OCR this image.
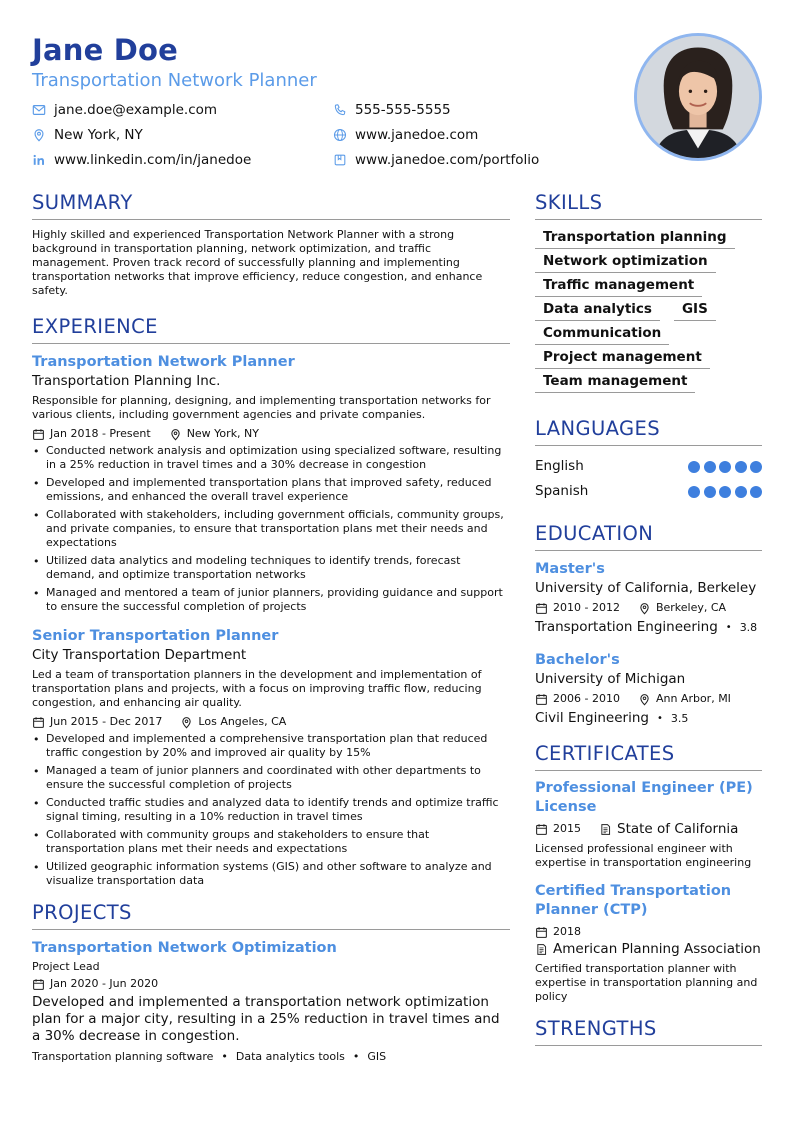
Jane Doe
Transportation Network Planner
jane.doe@example.com	555-555-5555
New York, NY	www.janedoe.com
www.linkedin.com/in/janedoe	www.janedoe.com/portfolio
SUMMARY
Highly skilled and experienced Transportation Network Planner with a strong background in transportation planning, network optimization, and traffic management. Proven track record of successfully planning and implementing transportation networks that improve efficiency, reduce congestion, and enhance safety.
EXPERIENCE
Transportation Network Planner
Transportation Planning Inc.
Responsible for planning, designing, and implementing transportation networks for various clients, including government agencies and private companies.
Jan 2018 - Present	New York, NY
• Conducted network analysis and optimization using specialized software, resulting in a 25% reduction in travel times and a 30% decrease in congestion
• Developed and implemented transportation plans that improved safety, reduced emissions, and enhanced the overall travel experience
• Collaborated with stakeholders, including government officials, community groups, and private companies, to ensure that transportation plans met their needs and expectations
• Utilized data analytics and modeling techniques to identify trends, forecast demand, and optimize transportation networks
• Managed and mentored a team of junior planners, providing guidance and support to ensure the successful completion of projects
Senior Transportation Planner
City Transportation Department
Led a team of transportation planners in the development and implementation of transportation plans and projects, with a focus on improving traffic flow, reducing congestion, and enhancing air quality.
Jun 2015 - Dec 2017	Los Angeles, CA
• Developed and implemented a comprehensive transportation plan that reduced traffic congestion by 20% and improved air quality by 15%
• Managed a team of junior planners and coordinated with other departments to ensure the successful completion of projects
• Conducted traffic studies and analyzed data to identify trends and optimize traffic signal timing, resulting in a 10% reduction in travel times
• Collaborated with community groups and stakeholders to ensure that transportation plans met their needs and expectations
• Utilized geographic information systems (GIS) and other software to analyze and visualize transportation data
PROJECTS
Transportation Network Optimization
Project Lead
Jan 2020 - Jun 2020
Developed and implemented a transportation network optimization plan for a major city, resulting in a 25% reduction in travel times and a 30% decrease in congestion.
Transportation planning software • Data analytics tools • GIS
SKILLS
Transportation planning
Network optimization
Traffic management
Data analytics	GIS
Communication
Project management
Team management
LANGUAGES
English
Spanish
EDUCATION
Master's
University of California, Berkeley
2010 - 2012	Berkeley, CA
Transportation Engineering • 3.8
Bachelor's
University of Michigan
2006 - 2010	Ann Arbor, MI
Civil Engineering • 3.5
CERTIFICATES
Professional Engineer (PE) License
2015	State of California
Licensed professional engineer with expertise in transportation engineering
Certified Transportation Planner (CTP)
2018
American Planning Association
Certified transportation planner with expertise in transportation planning and policy
STRENGTHS
